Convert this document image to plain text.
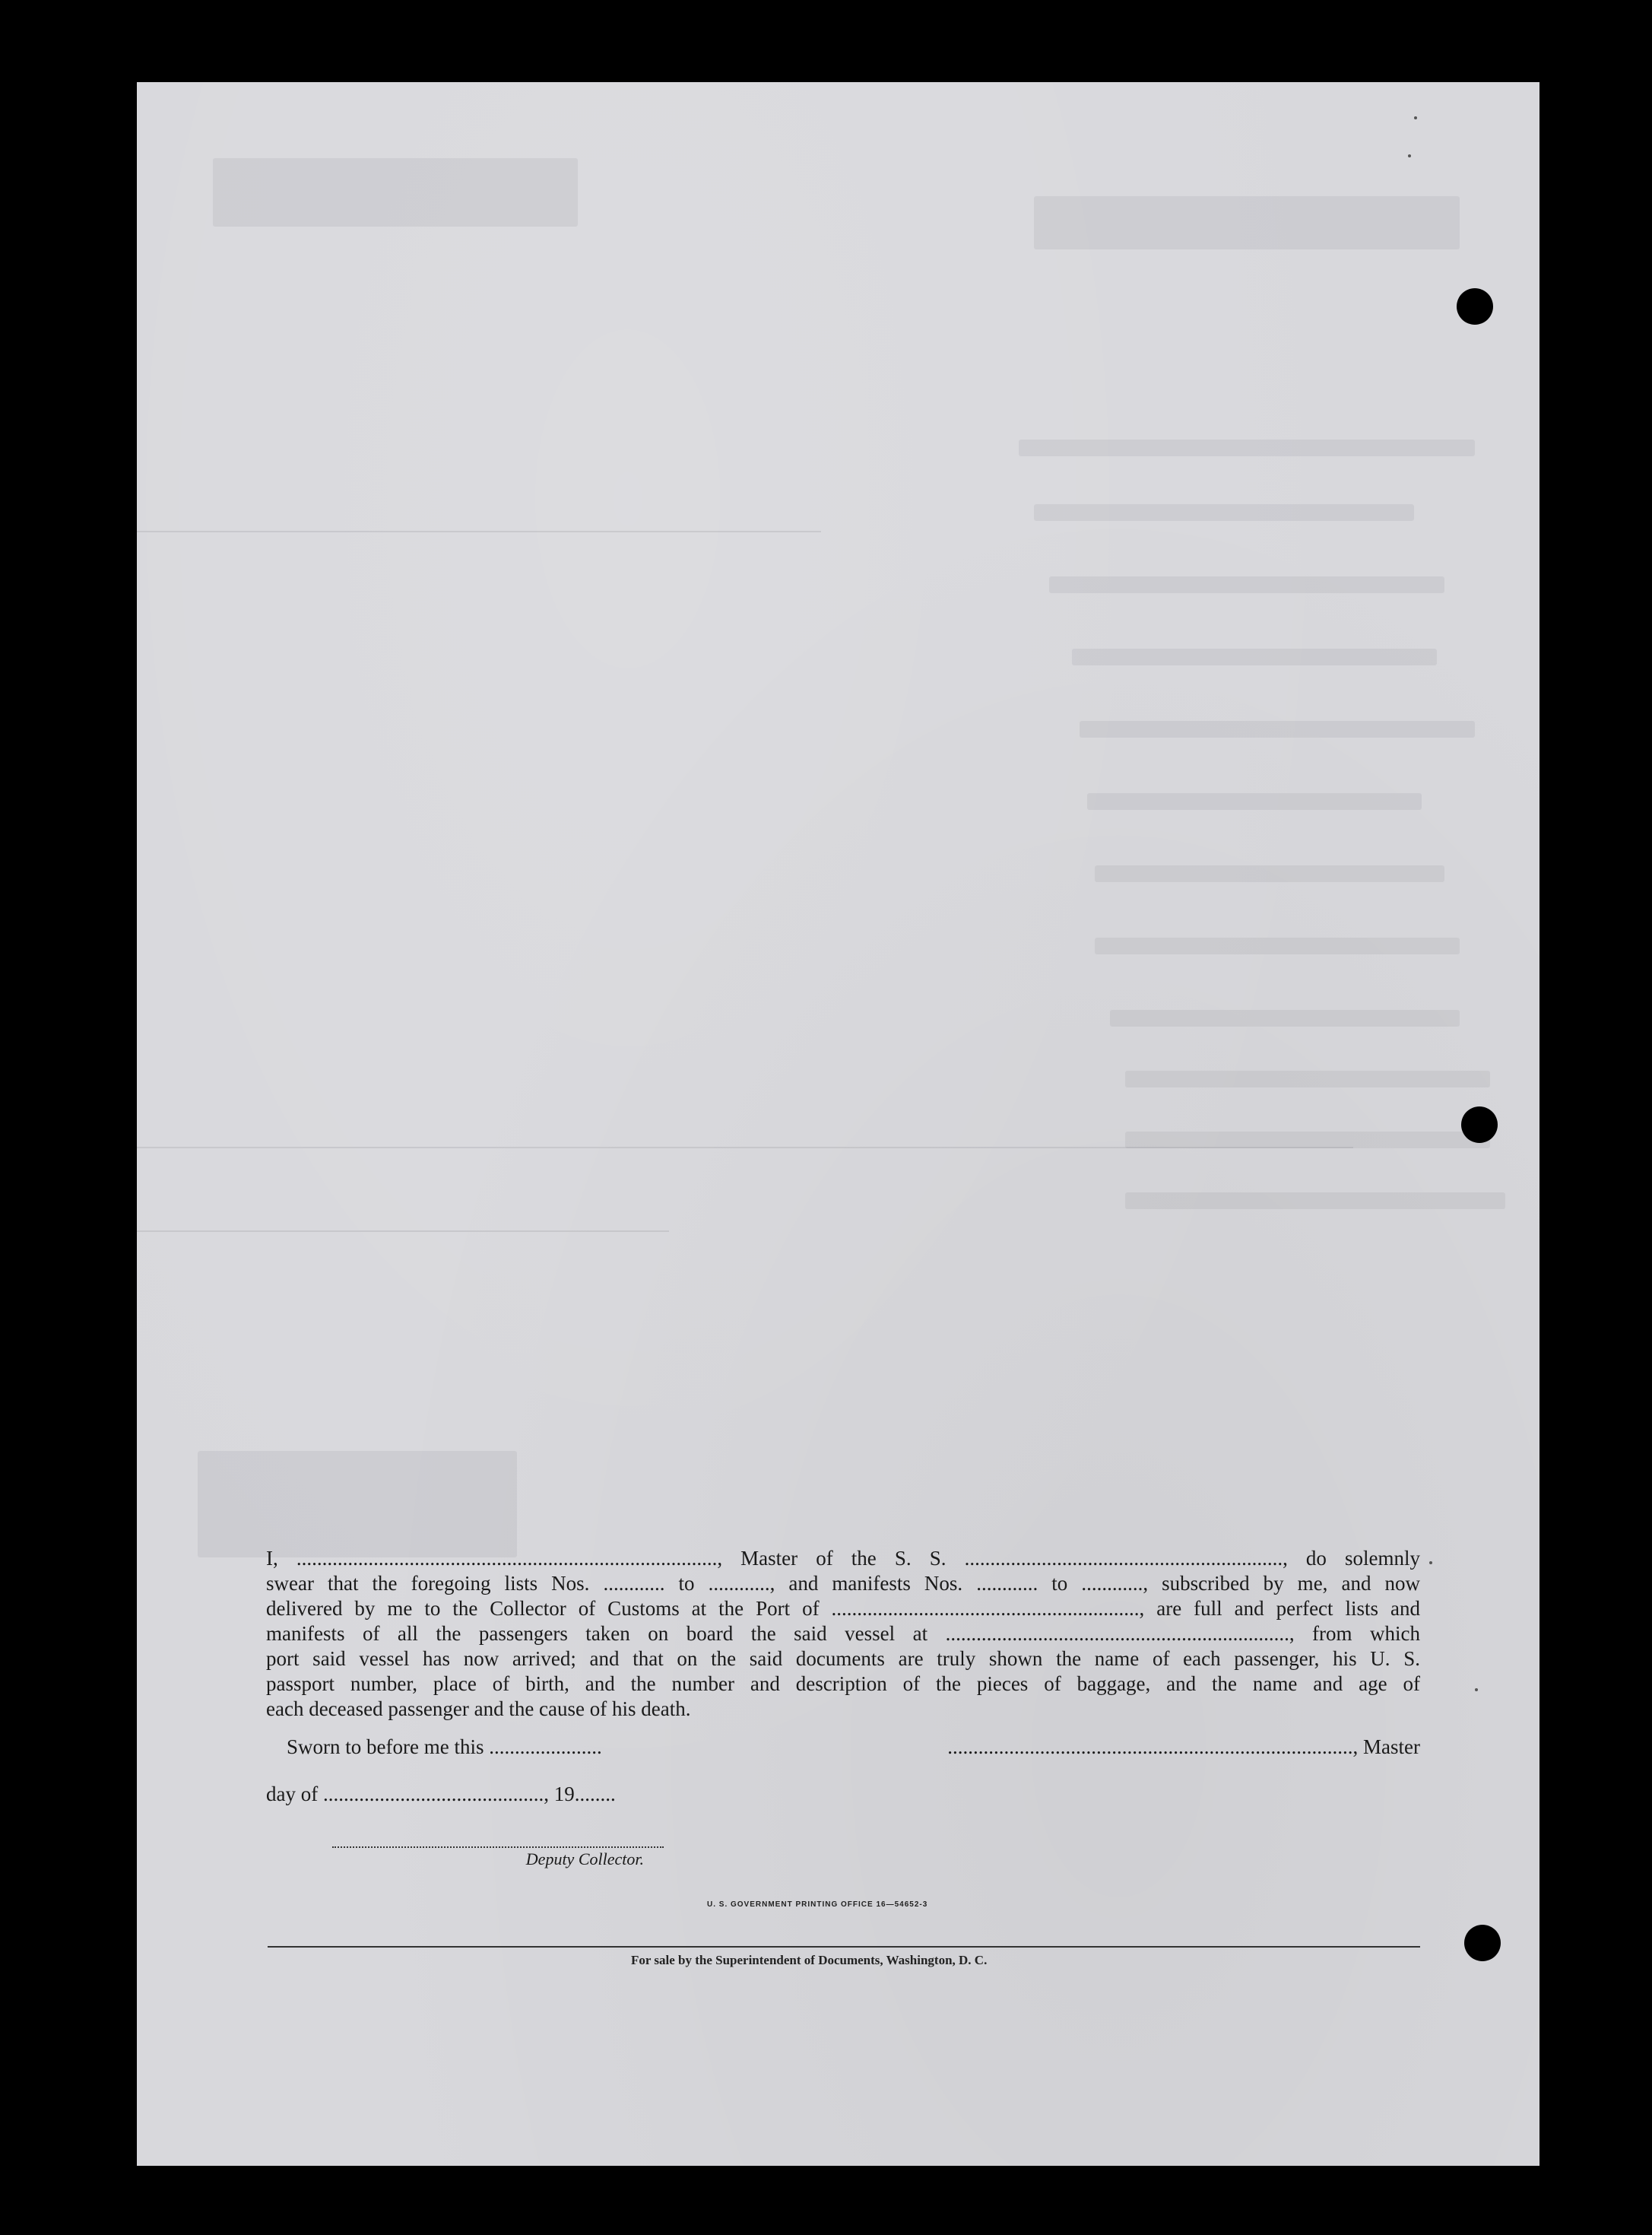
I, .................................................................................., Master of the S. S. .............................................................., do solemnly
swear that the foregoing lists Nos. ............ to ............, and manifests Nos. ............ to ............, subscribed by me, and now
delivered by me to the Collector of Customs at the Port of ............................................................, are full and perfect lists and
manifests of all the passengers taken on board the said vessel at ..................................................................., from which
port said vessel has now arrived; and that on the said documents are truly shown the name of each passenger, his U. S.
passport number, place of birth, and the number and description of the pieces of baggage, and the name and age of
each deceased passenger and the cause of his death.
Sworn to before me this ......................	..............................................................................., Master
day of ..........................................., 19........
Deputy Collector.
U. S. GOVERNMENT PRINTING OFFICE 16—54652-3
For sale by the Superintendent of Documents, Washington, D. C.
